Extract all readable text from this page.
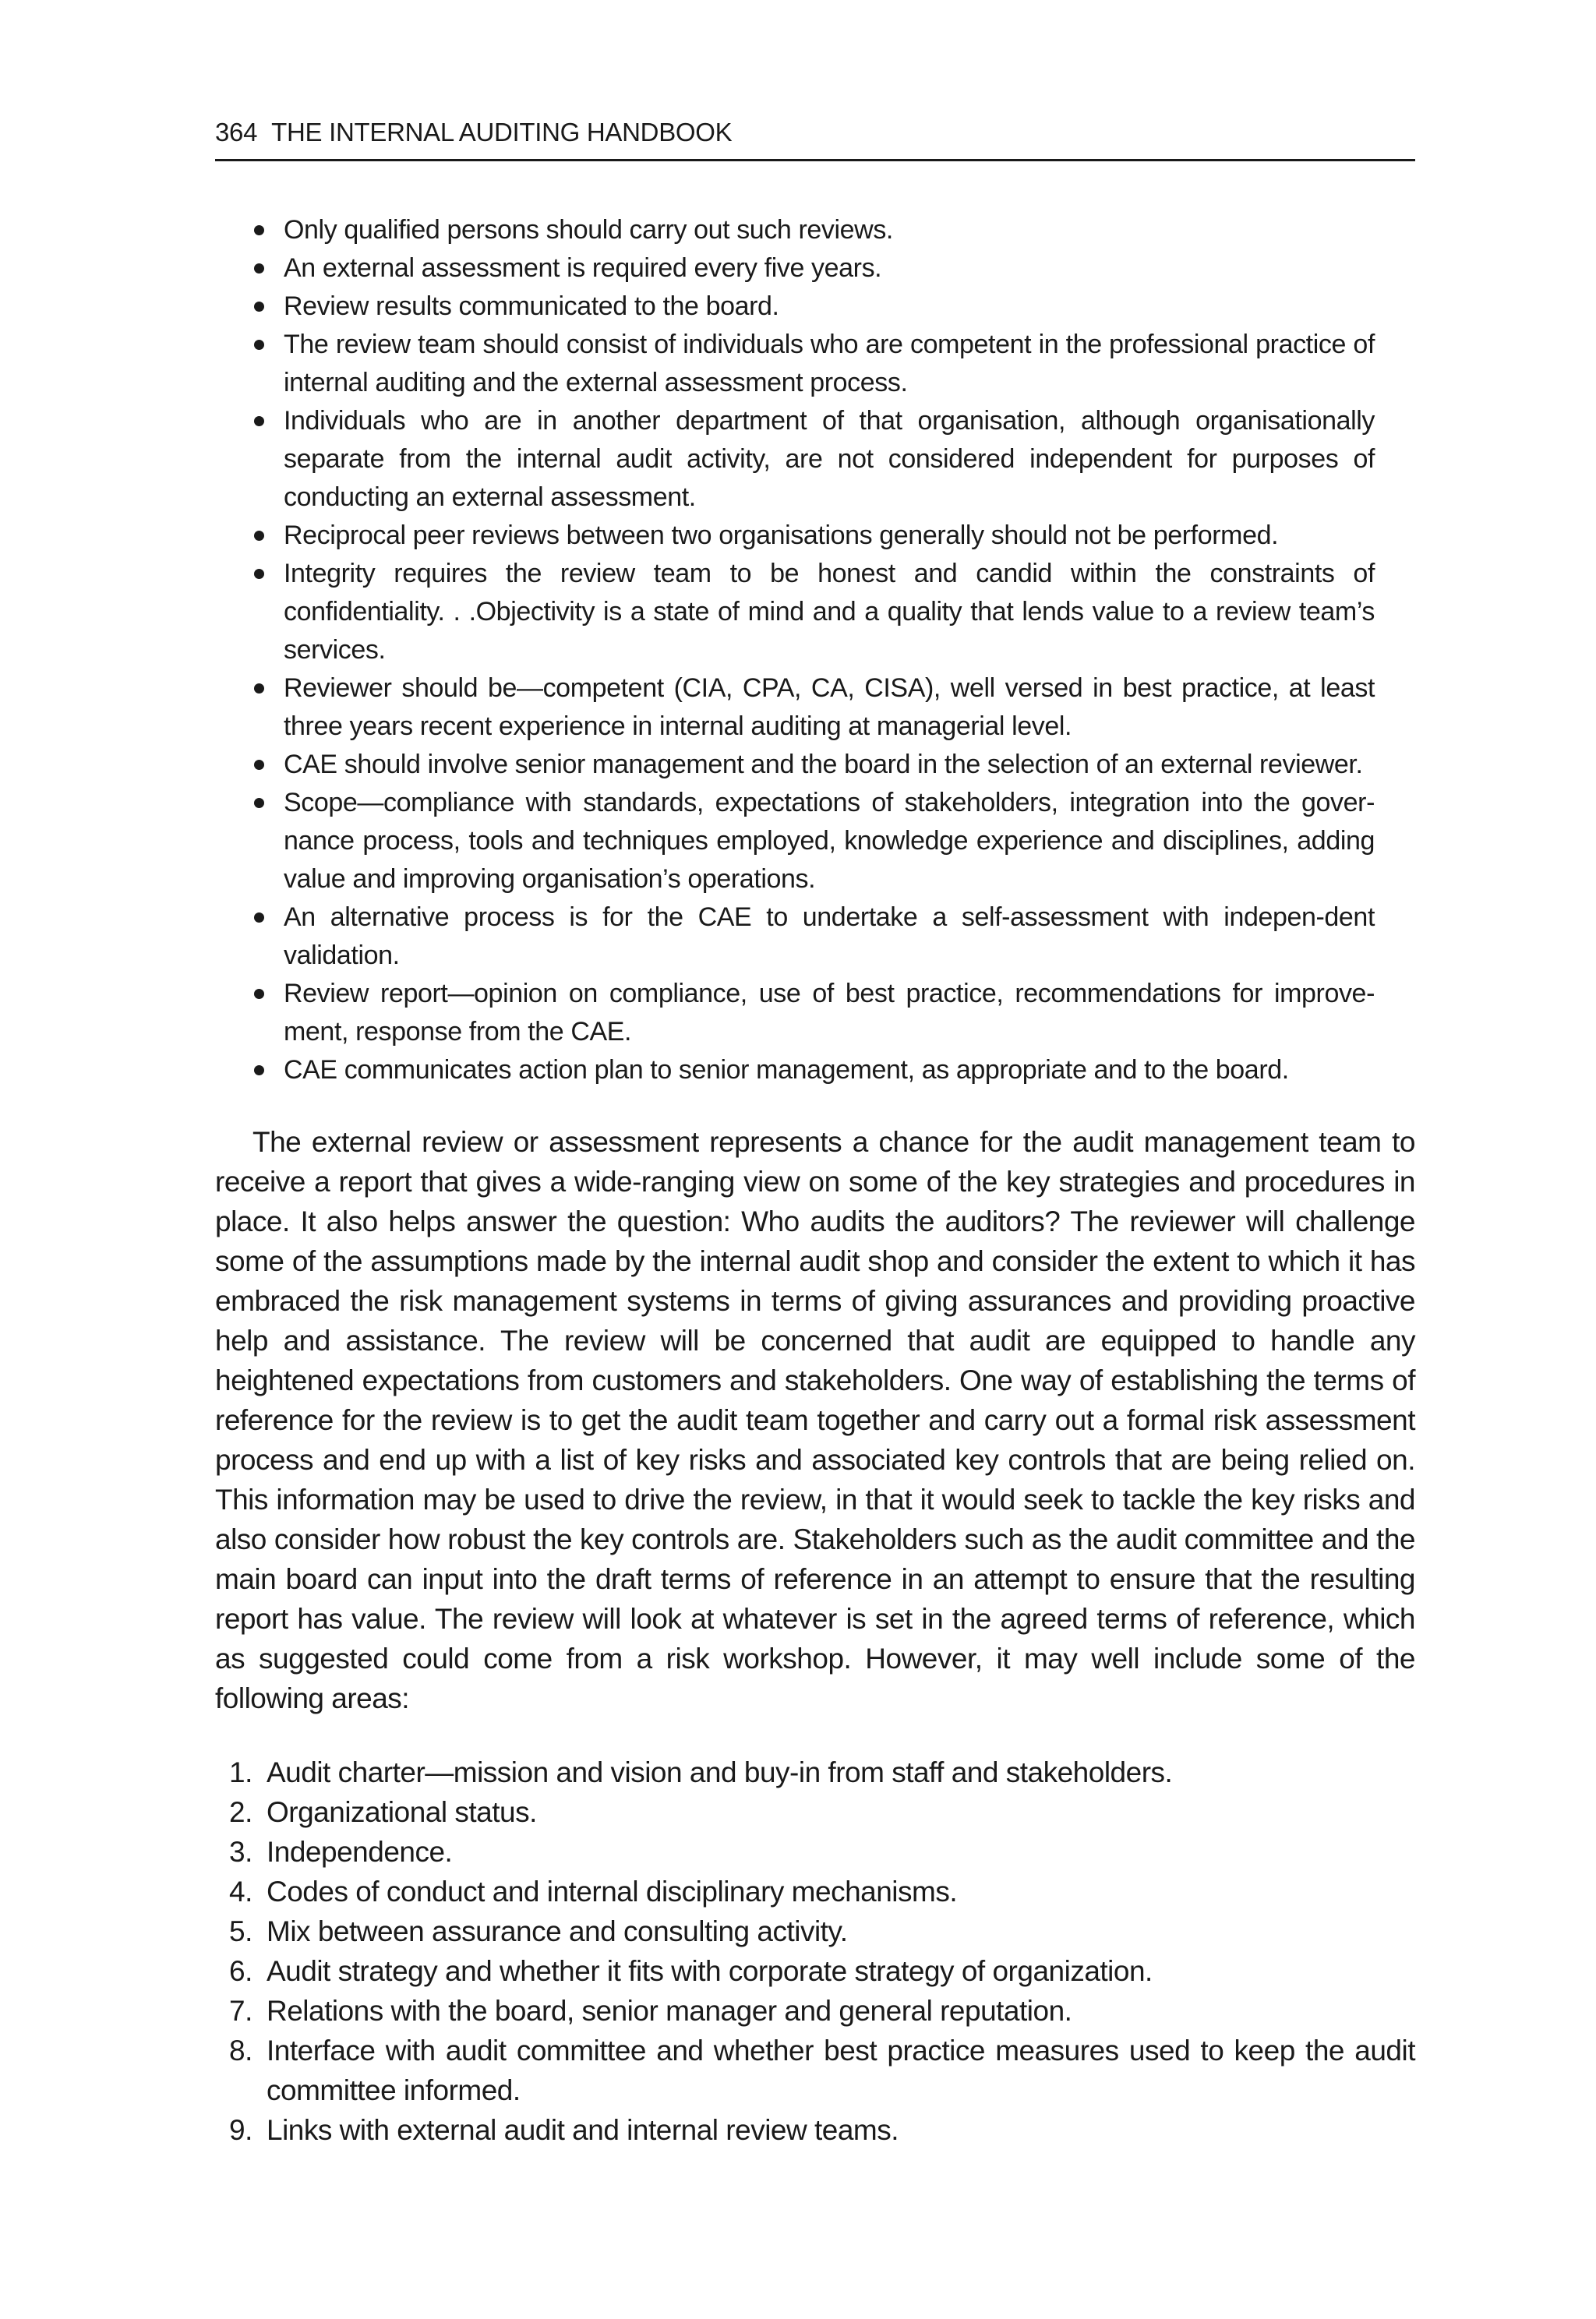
364 THE INTERNAL AUDITING HANDBOOK
Only qualified persons should carry out such reviews.
An external assessment is required every five years.
Review results communicated to the board.
The review team should consist of individuals who are competent in the professional practice of internal auditing and the external assessment process.
Individuals who are in another department of that organisation, although organisationally separate from the internal audit activity, are not considered independent for purposes of conducting an external assessment.
Reciprocal peer reviews between two organisations generally should not be performed.
Integrity requires the review team to be honest and candid within the constraints of confidentiality. . .Objectivity is a state of mind and a quality that lends value to a review team’s services.
Reviewer should be—competent (CIA, CPA, CA, CISA), well versed in best practice, at least three years recent experience in internal auditing at managerial level.
CAE should involve senior management and the board in the selection of an external reviewer.
Scope—compliance with standards, expectations of stakeholders, integration into the gover-nance process, tools and techniques employed, knowledge experience and disciplines, adding value and improving organisation’s operations.
An alternative process is for the CAE to undertake a self-assessment with indepen-dent validation.
Review report—opinion on compliance, use of best practice, recommendations for improve-ment, response from the CAE.
CAE communicates action plan to senior management, as appropriate and to the board.

The external review or assessment represents a chance for the audit management team to receive a report that gives a wide-ranging view on some of the key strategies and procedures in place. It also helps answer the question: Who audits the auditors? The reviewer will challenge some of the assumptions made by the internal audit shop and consider the extent to which it has embraced the risk management systems in terms of giving assurances and providing proactive help and assistance. The review will be concerned that audit are equipped to handle any heightened expectations from customers and stakeholders. One way of establishing the terms of reference for the review is to get the audit team together and carry out a formal risk assessment process and end up with a list of key risks and associated key controls that are being relied on. This information may be used to drive the review, in that it would seek to tackle the key risks and also consider how robust the key controls are. Stakeholders such as the audit committee and the main board can input into the draft terms of reference in an attempt to ensure that the resulting report has value. The review will look at whatever is set in the agreed terms of reference, which as suggested could come from a risk workshop. However, it may well include some of the following areas:

1. Audit charter—mission and vision and buy-in from staff and stakeholders.
2. Organizational status.
3. Independence.
4. Codes of conduct and internal disciplinary mechanisms.
5. Mix between assurance and consulting activity.
6. Audit strategy and whether it fits with corporate strategy of organization.
7. Relations with the board, senior manager and general reputation.
8. Interface with audit committee and whether best practice measures used to keep the audit committee informed.
9. Links with external audit and internal review teams.
